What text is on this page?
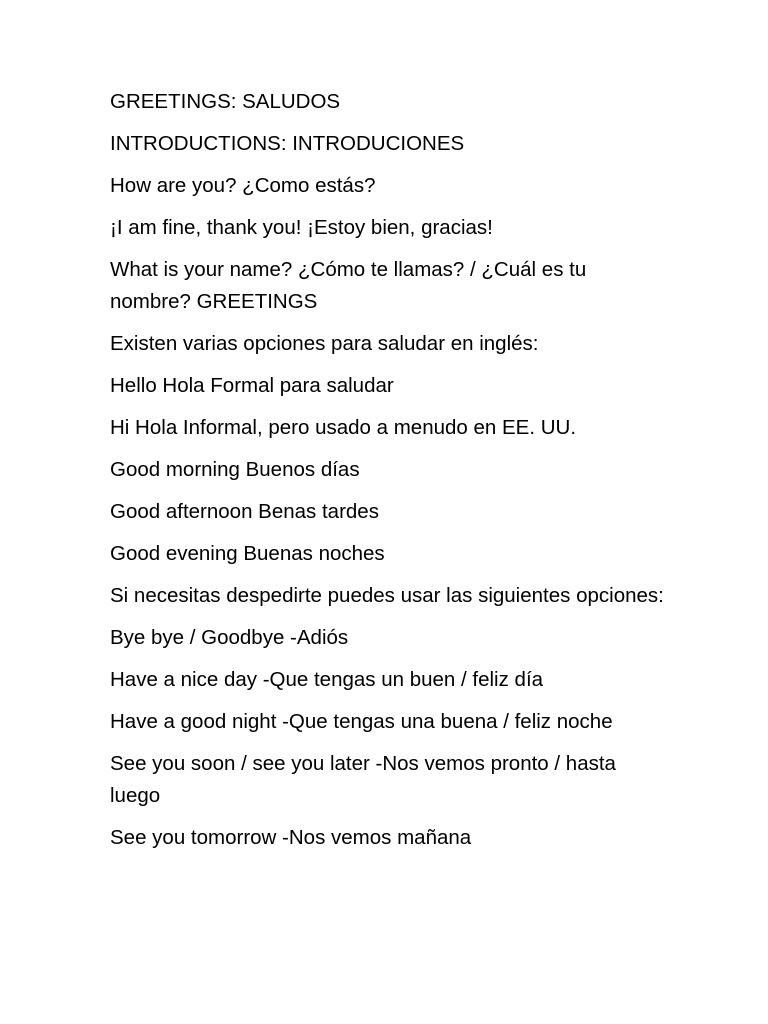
GREETINGS: SALUDOS

INTRODUCTIONS: INTRODUCIONES

How are you? ¿Como estás?

¡I am fine, thank you! ¡Estoy bien, gracias!

What is your name? ¿Cómo te llamas? / ¿Cuál es tu nombre? GREETINGS

Existen varias opciones para saludar en inglés:

Hello Hola Formal para saludar

Hi Hola Informal, pero usado a menudo en EE. UU.

Good morning Buenos días

Good afternoon Benas tardes

Good evening Buenas noches

Si necesitas despedirte puedes usar las siguientes opciones:

Bye bye / Goodbye -Adiós

Have a nice day -Que tengas un buen / feliz día

Have a good night -Que tengas una buena / feliz noche

See you soon / see you later -Nos vemos pronto / hasta luego

See you tomorrow -Nos vemos mañana
